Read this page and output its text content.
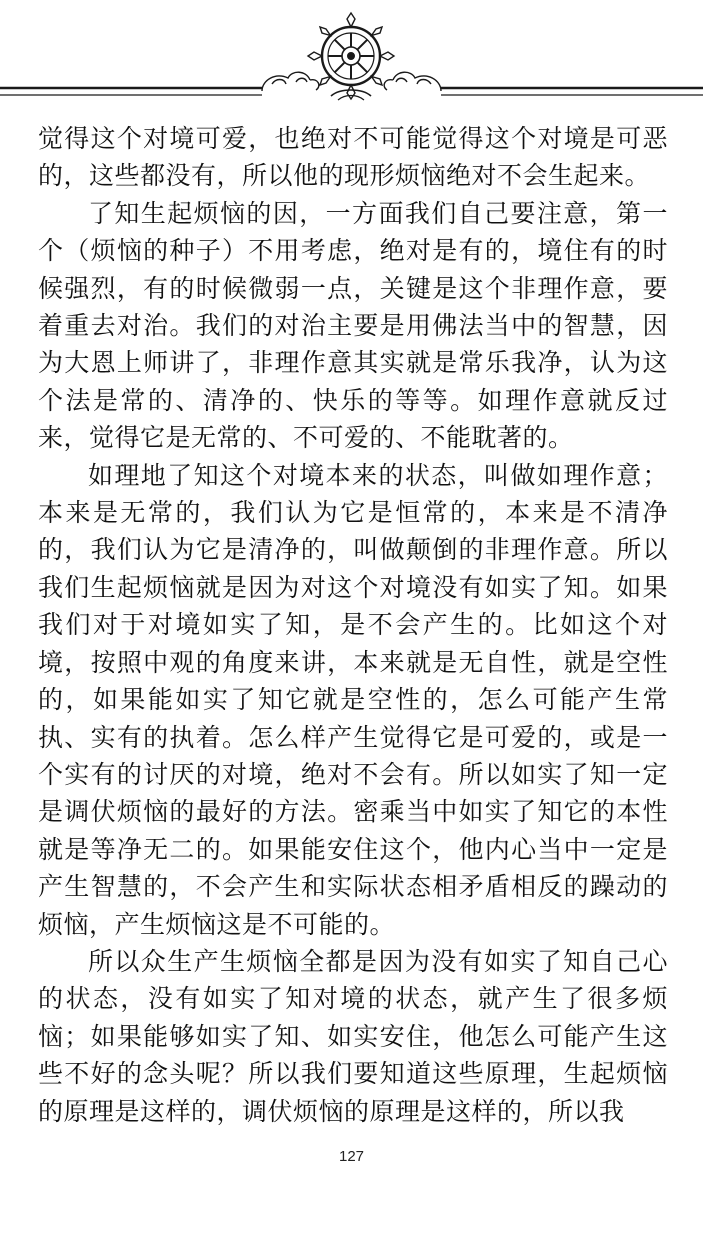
觉得这个对境可爱，也绝对不可能觉得这个对境是可恶的，这些都没有，所以他的现形烦恼绝对不会生起来。

了知生起烦恼的因，一方面我们自己要注意，第一个（烦恼的种子）不用考虑，绝对是有的，境住有的时候强烈，有的时候微弱一点，关键是这个非理作意，要着重去对治。我们的对治主要是用佛法当中的智慧，因为大恩上师讲了，非理作意其实就是常乐我净，认为这个法是常的、清净的、快乐的等等。如理作意就反过来，觉得它是无常的、不可爱的、不能耽著的。

如理地了知这个对境本来的状态，叫做如理作意；本来是无常的，我们认为它是恒常的，本来是不清净的，我们认为它是清净的，叫做颠倒的非理作意。所以我们生起烦恼就是因为对这个对境没有如实了知。如果我们对于对境如实了知，是不会产生的。比如这个对境，按照中观的角度来讲，本来就是无自性，就是空性的，如果能如实了知它就是空性的，怎么可能产生常执、实有的执着。怎么样产生觉得它是可爱的，或是一个实有的讨厌的对境，绝对不会有。所以如实了知一定是调伏烦恼的最好的方法。密乘当中如实了知它的本性就是等净无二的。如果能安住这个，他内心当中一定是产生智慧的，不会产生和实际状态相矛盾相反的躁动的烦恼，产生烦恼这是不可能的。

所以众生产生烦恼全都是因为没有如实了知自己心的状态，没有如实了知对境的状态，就产生了很多烦恼；如果能够如实了知、如实安住，他怎么可能产生这些不好的念头呢？所以我们要知道这些原理，生起烦恼的原理是这样的，调伏烦恼的原理是这样的，所以我

127
